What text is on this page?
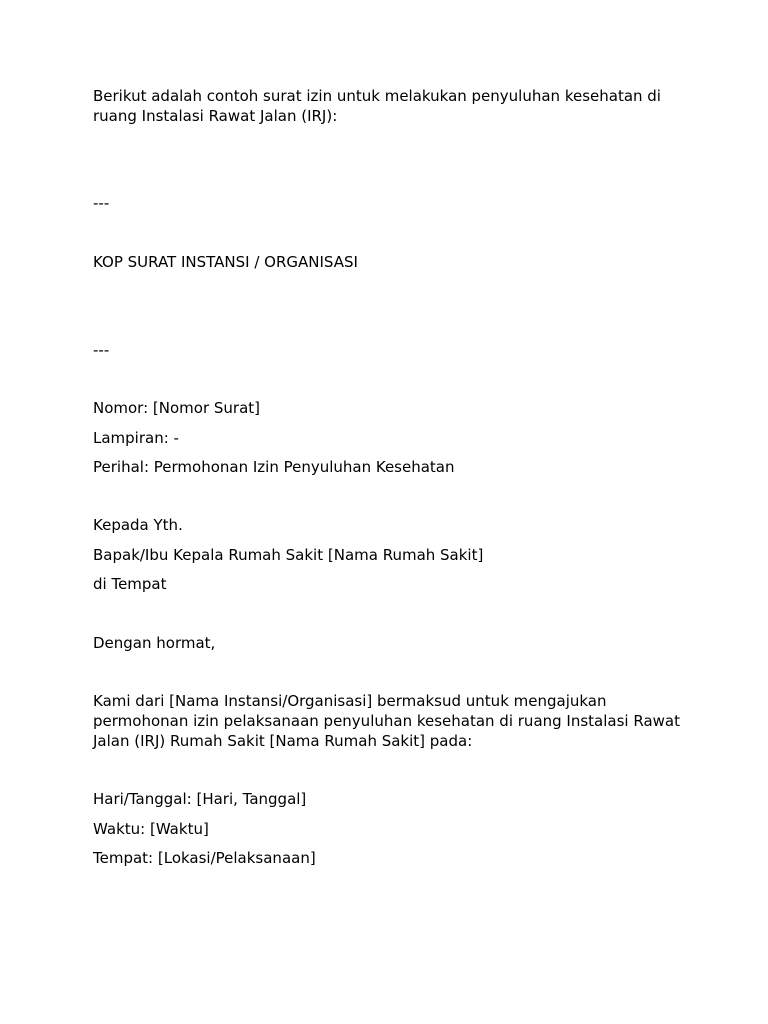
Berikut adalah contoh surat izin untuk melakukan penyuluhan kesehatan di ruang Instalasi Rawat Jalan (IRJ):

---

KOP SURAT INSTANSI / ORGANISASI

---

Nomor: [Nomor Surat]

Lampiran: -

Perihal: Permohonan Izin Penyuluhan Kesehatan

Kepada Yth.

Bapak/Ibu Kepala Rumah Sakit [Nama Rumah Sakit]

di Tempat

Dengan hormat,

Kami dari [Nama Instansi/Organisasi] bermaksud untuk mengajukan permohonan izin pelaksanaan penyuluhan kesehatan di ruang Instalasi Rawat Jalan (IRJ) Rumah Sakit [Nama Rumah Sakit] pada:

Hari/Tanggal: [Hari, Tanggal]

Waktu: [Waktu]

Tempat: [Lokasi/Pelaksanaan]
